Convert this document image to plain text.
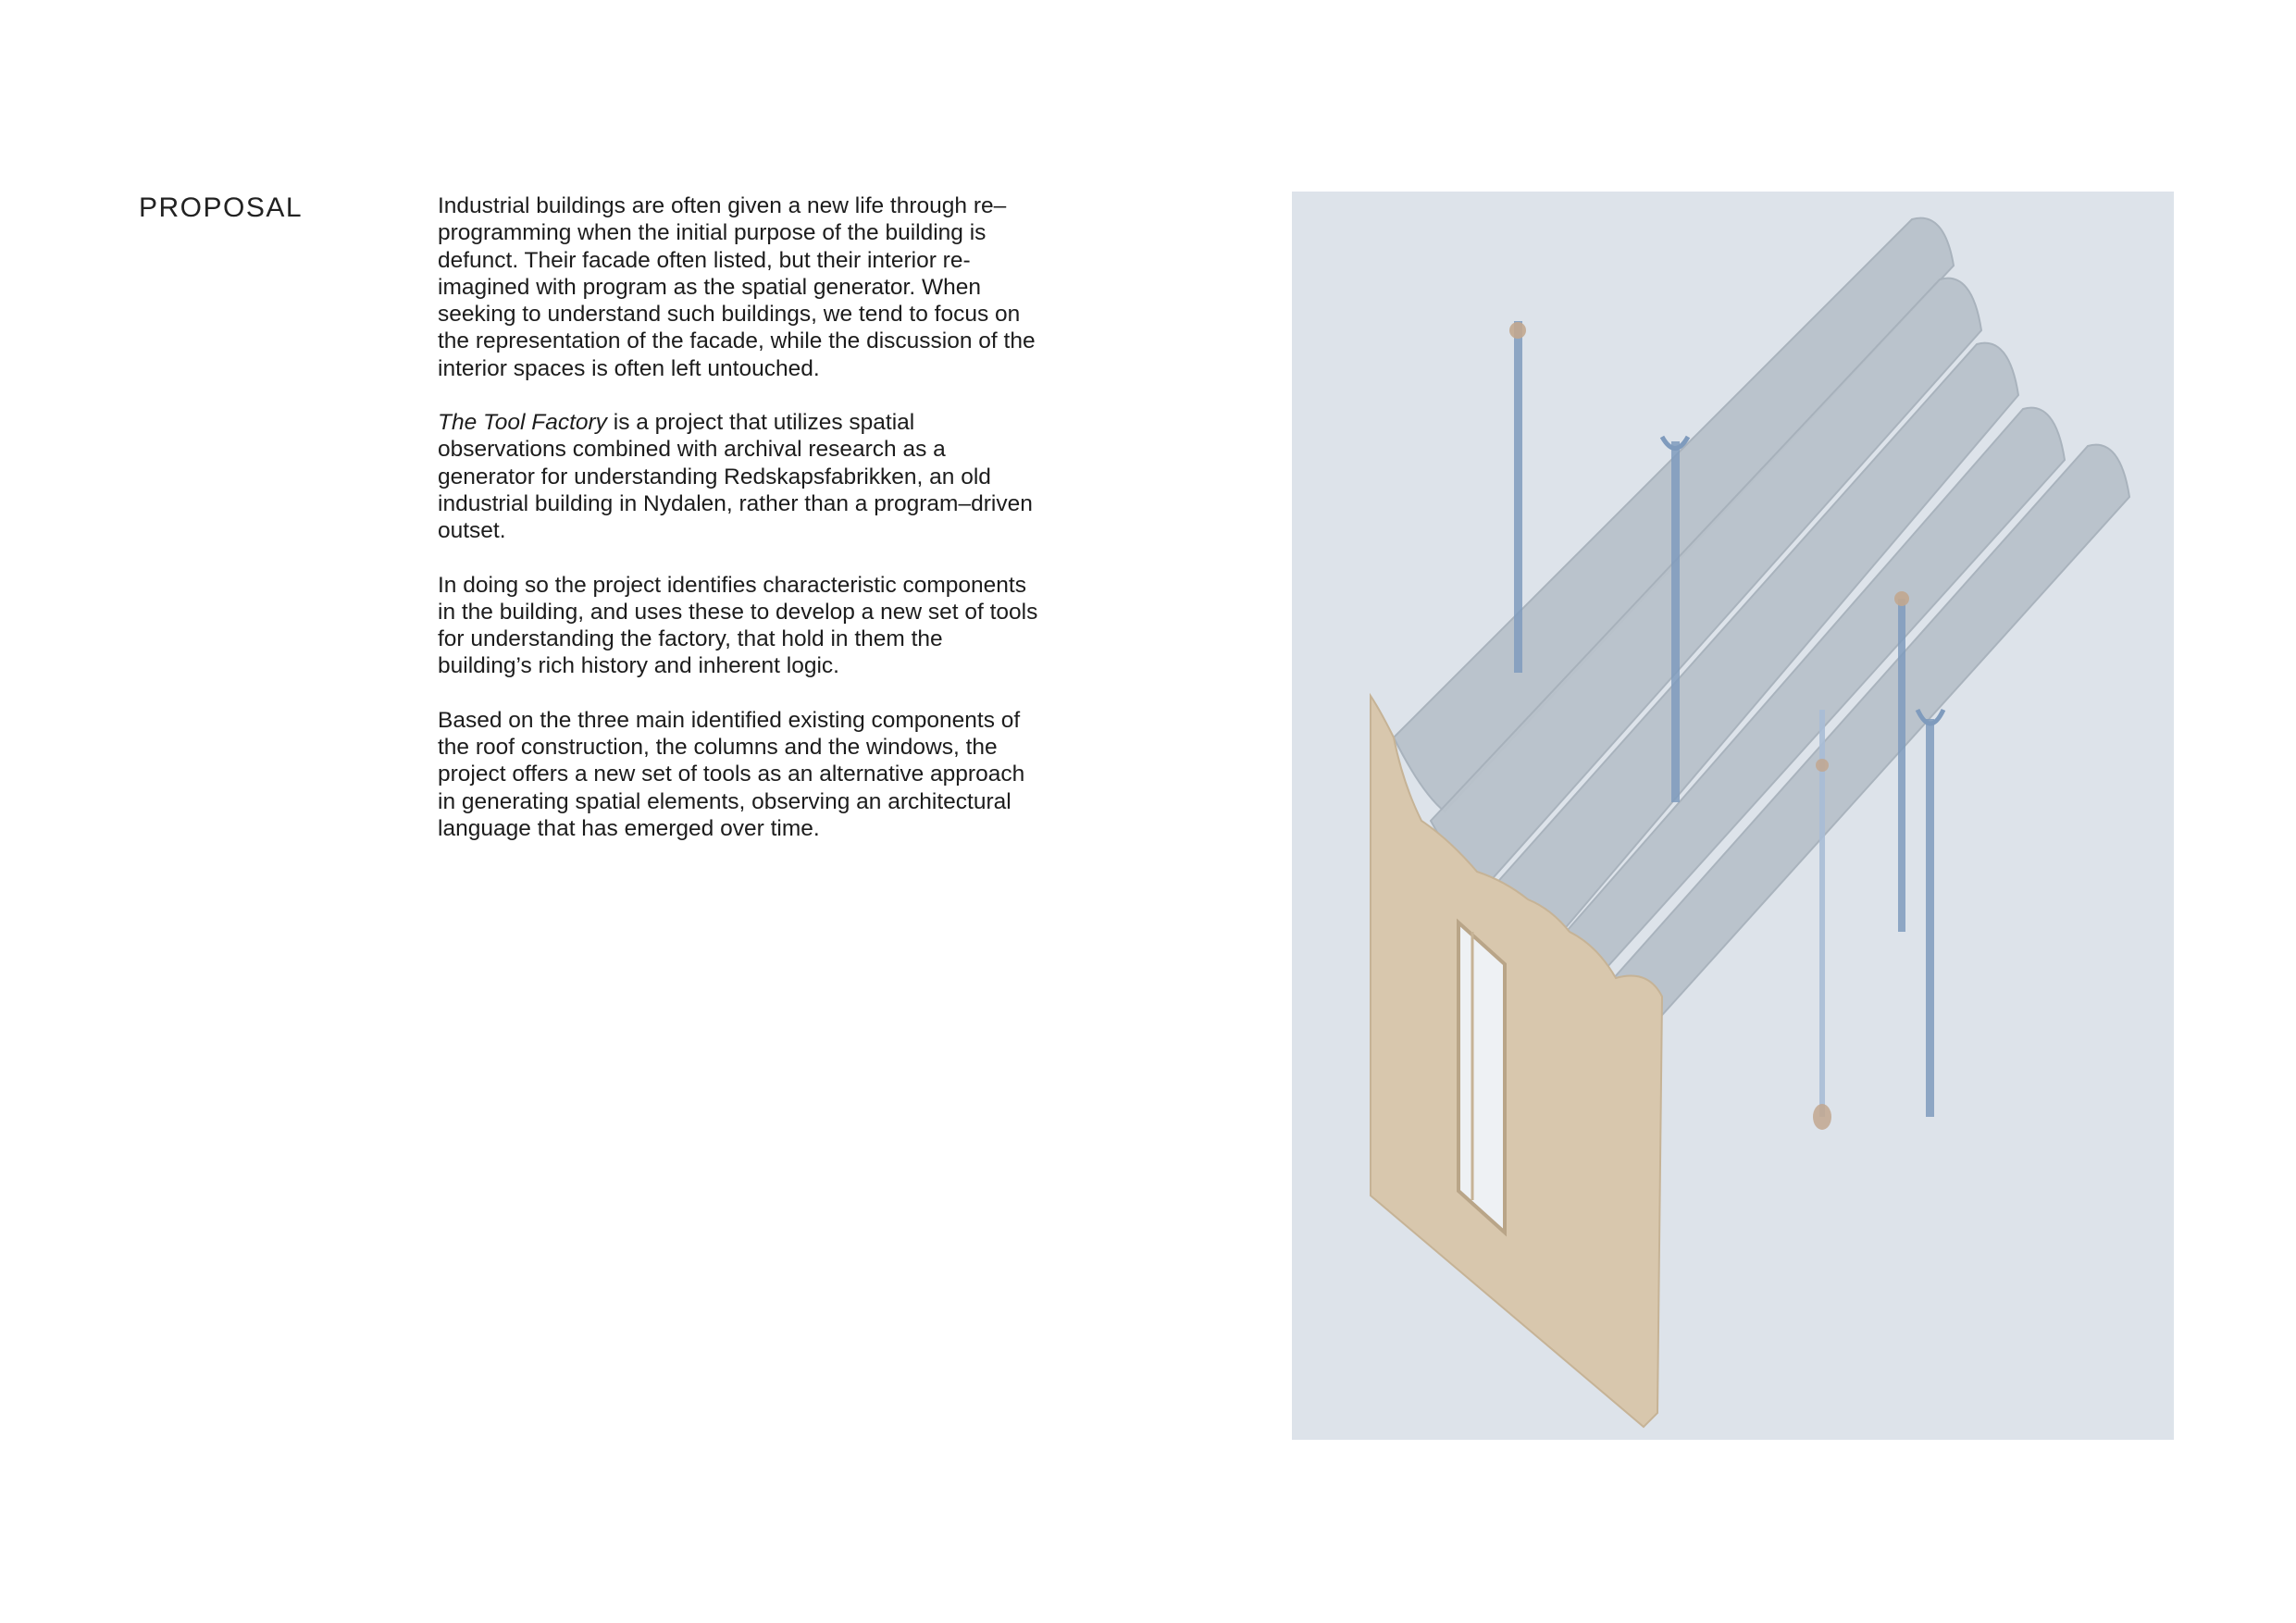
PROPOSAL	Industrial buildings are often given a new life through re–programming when the initial purpose of the building is defunct. Their facade often listed, but their interior re-imagined with program as the spatial generator. When seeking to understand such buildings, we tend to focus on the representation of the facade, while the discussion of the interior spaces is often left untouched.

The Tool Factory is a project that utilizes spatial observations combined with archival research as a generator for understanding Redskapsfabrikken, an old industrial building in Nydalen, rather than a program–driven outset.

In doing so the project identifies characteristic components in the building, and uses these to develop a new set of tools for understanding the factory, that hold in them the building’s rich history and inherent logic.

Based on the three main identified existing components of the roof construction, the columns and the windows, the project offers a new set of tools as an alternative approach in generating spatial elements, observing an architectural language that has emerged over time.
